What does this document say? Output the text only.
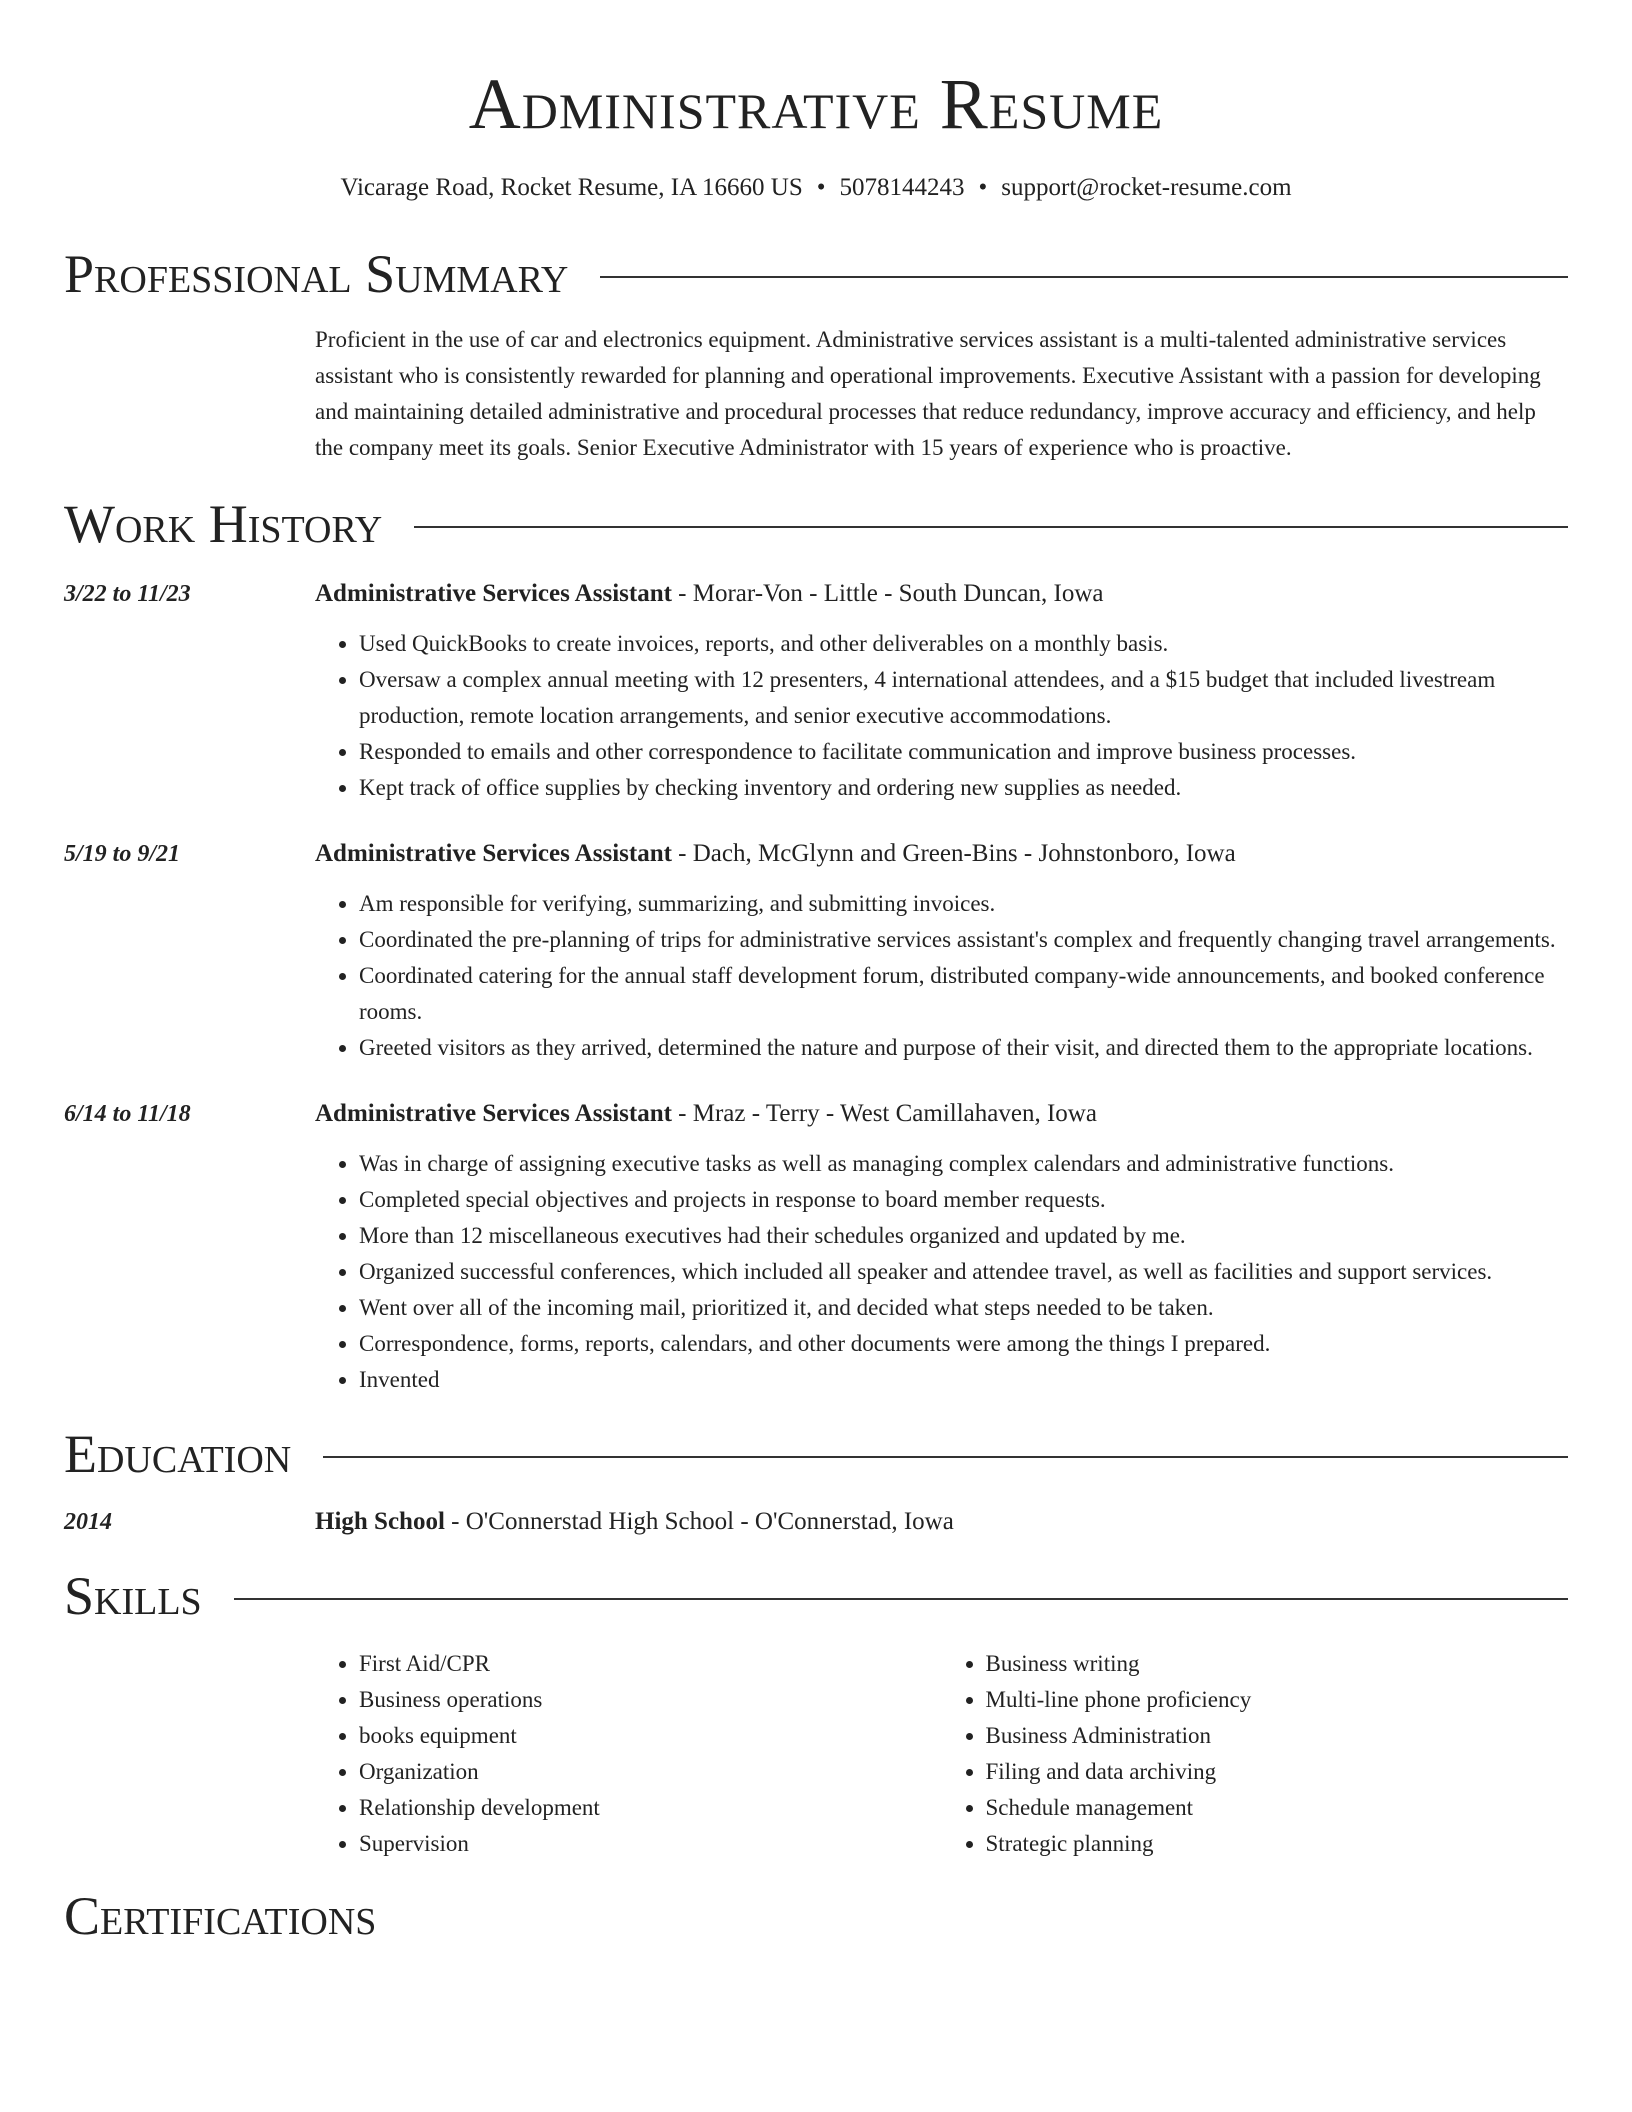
Administrative Resume
Vicarage Road, Rocket Resume, IA 16660 US • 5078144243 • support@rocket-resume.com
Professional Summary
Proficient in the use of car and electronics equipment. Administrative services assistant is a multi-talented administrative services assistant who is consistently rewarded for planning and operational improvements. Executive Assistant with a passion for developing and maintaining detailed administrative and procedural processes that reduce redundancy, improve accuracy and efficiency, and help the company meet its goals. Senior Executive Administrator with 15 years of experience who is proactive.
Work History
3/22 to 11/23	Administrative Services Assistant - Morar-Von - Little - South Duncan, Iowa
• Used QuickBooks to create invoices, reports, and other deliverables on a monthly basis.
• Oversaw a complex annual meeting with 12 presenters, 4 international attendees, and a $15 budget that included livestream production, remote location arrangements, and senior executive accommodations.
• Responded to emails and other correspondence to facilitate communication and improve business processes.
• Kept track of office supplies by checking inventory and ordering new supplies as needed.
5/19 to 9/21	Administrative Services Assistant - Dach, McGlynn and Green-Bins - Johnstonboro, Iowa
• Am responsible for verifying, summarizing, and submitting invoices.
• Coordinated the pre-planning of trips for administrative services assistant's complex and frequently changing travel arrangements.
• Coordinated catering for the annual staff development forum, distributed company-wide announcements, and booked conference rooms.
• Greeted visitors as they arrived, determined the nature and purpose of their visit, and directed them to the appropriate locations.
6/14 to 11/18	Administrative Services Assistant - Mraz - Terry - West Camillahaven, Iowa
• Was in charge of assigning executive tasks as well as managing complex calendars and administrative functions.
• Completed special objectives and projects in response to board member requests.
• More than 12 miscellaneous executives had their schedules organized and updated by me.
• Organized successful conferences, which included all speaker and attendee travel, as well as facilities and support services.
• Went over all of the incoming mail, prioritized it, and decided what steps needed to be taken.
• Correspondence, forms, reports, calendars, and other documents were among the things I prepared.
• Invented
Education
2014	High School - O'Connerstad High School - O'Connerstad, Iowa
Skills
• First Aid/CPR
• Business operations
• books equipment
• Organization
• Relationship development
• Supervision
• Business writing
• Multi-line phone proficiency
• Business Administration
• Filing and data archiving
• Schedule management
• Strategic planning
Certifications
